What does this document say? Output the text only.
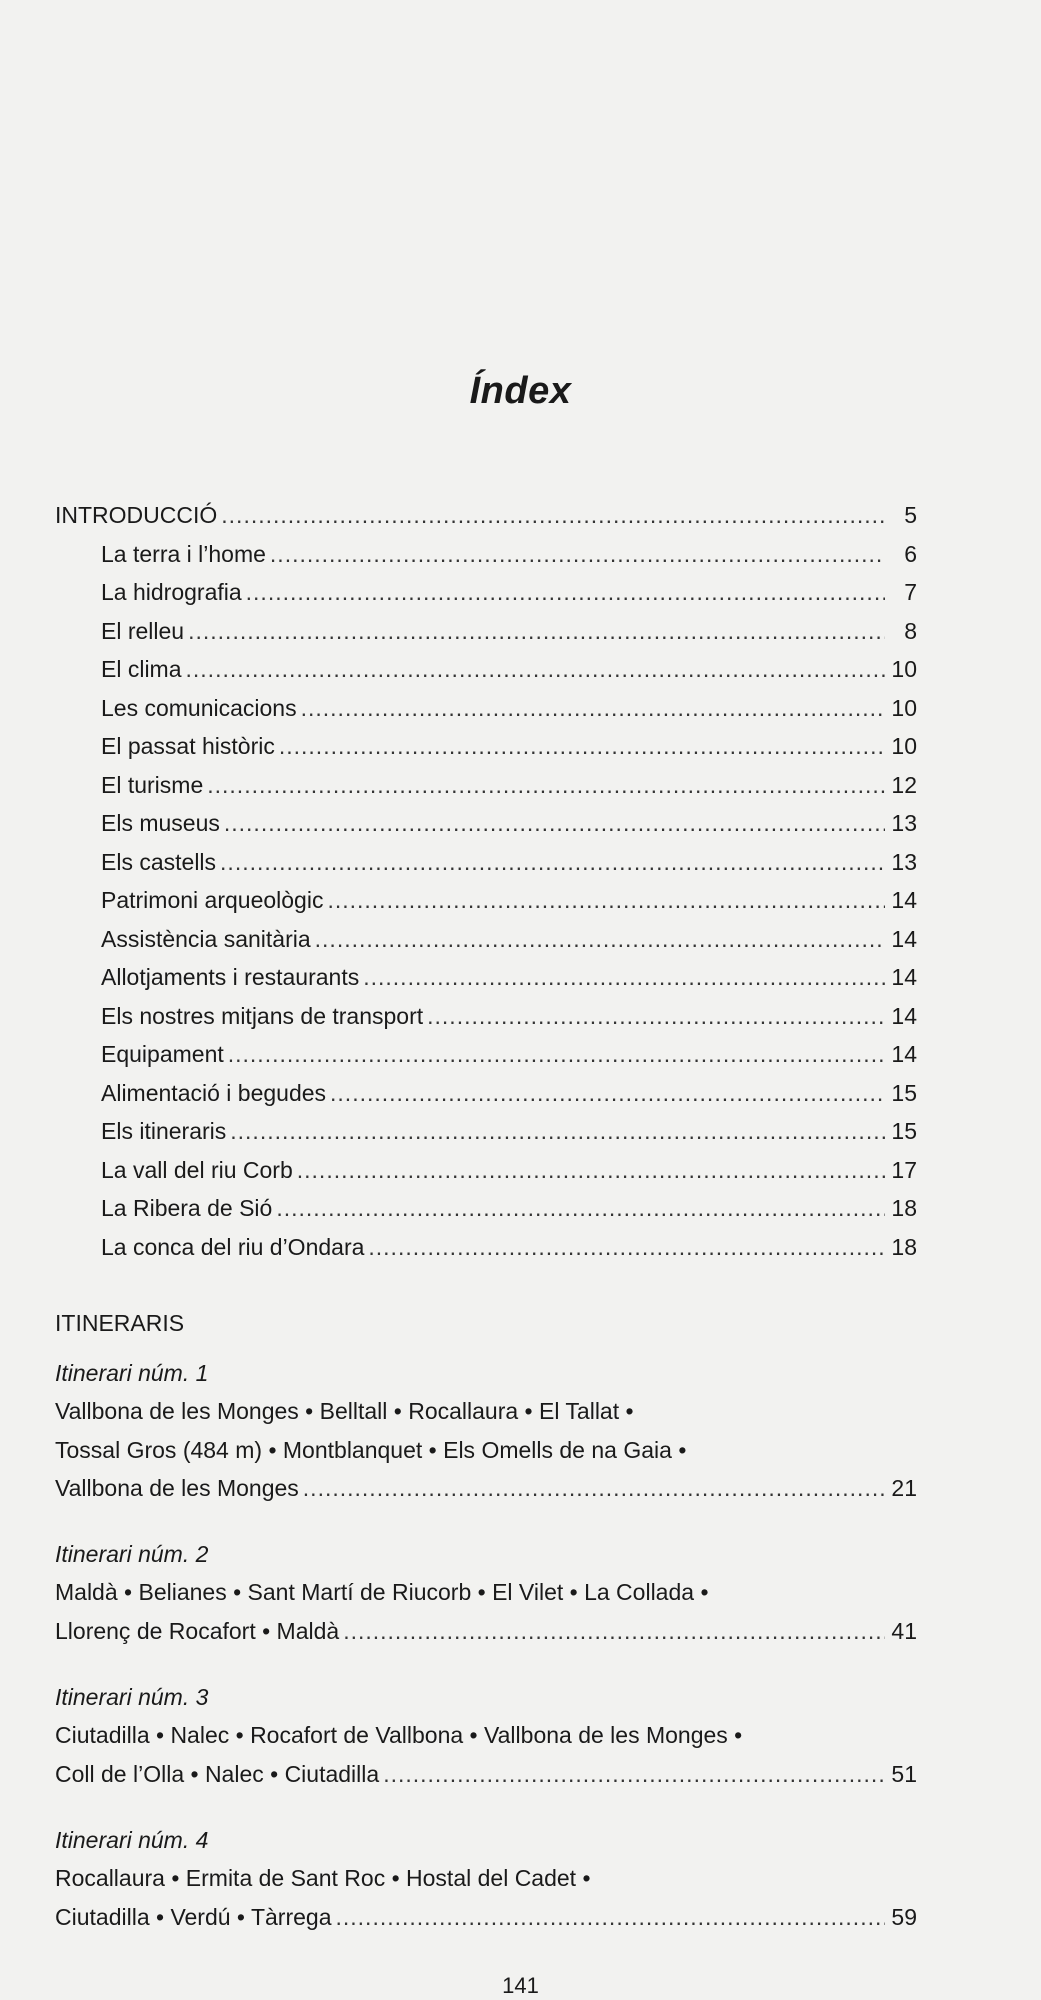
Índex
INTRODUCCIÓ .....	5
La terra i l’home .....	6
La hidrografia .....	7
El relleu .....	8
El clima .....	10
Les comunicacions .....	10
El passat històric .....	10
El turisme .....	12
Els museus .....	13
Els castells .....	13
Patrimoni arqueològic .....	14
Assistència sanitària .....	14
Allotjaments i restaurants .....	14
Els nostres mitjans de transport .....	14
Equipament .....	14
Alimentació i begudes .....	15
Els itineraris .....	15
La vall del riu Corb .....	17
La Ribera de Sió .....	18
La conca del riu d’Ondara .....	18
ITINERARIS
Itinerari núm. 1
Vallbona de les Monges • Belltall • Rocallaura • El Tallat •
Tossal Gros (484 m) • Montblanquet • Els Omells de na Gaia •
Vallbona de les Monges .....	21
Itinerari núm. 2
Maldà • Belianes • Sant Martí de Riucorb • El Vilet • La Collada •
Llorenç de Rocafort • Maldà .....	41
Itinerari núm. 3
Ciutadilla • Nalec • Rocafort de Vallbona • Vallbona de les Monges •
Coll de l’Olla • Nalec • Ciutadilla .....	51
Itinerari núm. 4
Rocallaura • Ermita de Sant Roc • Hostal del Cadet •
Ciutadilla • Verdú • Tàrrega .....	59
141
